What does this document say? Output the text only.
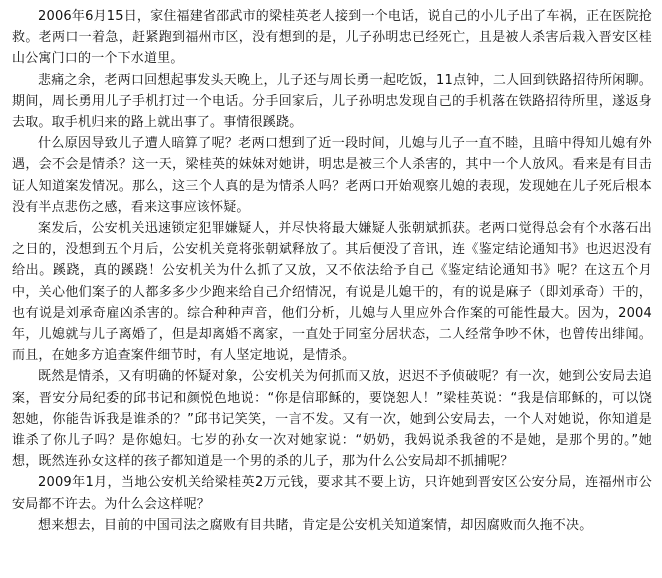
2006年6月15日，家住福建省邵武市的梁桂英老人接到一个电话，说自己的小儿子出了车祸，正在医院抢救。老两口一着急，赶紧跑到福州市区，没有想到的是，儿子孙明忠已经死亡，且是被人杀害后栽入晋安区桂山公寓门口的一个下水道里。

悲痛之余，老两口回想起事发头天晚上，儿子还与周长勇一起吃饭，11点钟，二人回到铁路招待所闲聊。期间，周长勇用儿子手机打过一个电话。分手回家后，儿子孙明忠发现自己的手机落在铁路招待所里，遂返身去取。取手机归来的路上就出事了。事情很蹊跷。

什么原因导致儿子遭人暗算了呢？老两口想到了近一段时间，儿媳与儿子一直不睦，且暗中得知儿媳有外遇，会不会是情杀？这一天，梁桂英的妹妹对她讲，明忠是被三个人杀害的，其中一个人放风。看来是有目击证人知道案发情况。那么，这三个人真的是为情杀人吗？老两口开始观察儿媳的表现，发现她在儿子死后根本没有半点悲伤之感，看来这事应该怀疑。

案发后，公安机关迅速锁定犯罪嫌疑人，并尽快将最大嫌疑人张朝斌抓获。老两口觉得总会有个水落石出之日的，没想到五个月后，公安机关竟将张朝斌释放了。其后便没了音讯，连《鉴定结论通知书》也迟迟没有给出。蹊跷，真的蹊跷！公安机关为什么抓了又放，又不依法给予自己《鉴定结论通知书》呢？在这五个月中，关心他们案子的人都多多少少跑来给自己介绍情况，有说是儿媳干的，有的说是麻子（即刘承奇）干的，也有说是刘承奇雇凶杀害的。综合种种声音，他们分析，儿媳与人里应外合作案的可能性最大。因为，2004年，儿媳就与儿子离婚了，但是却离婚不离家，一直处于同室分居状态，二人经常争吵不休，也曾传出绯闻。而且，在她多方追查案件细节时，有人坚定地说，是情杀。

既然是情杀，又有明确的怀疑对象，公安机关为何抓而又放，迟迟不予侦破呢？有一次，她到公安局去追案，晋安分局纪委的邱书记和颜悦色地说：“你是信耶稣的，要饶恕人！”梁桂英说：“我是信耶稣的，可以饶恕她，你能告诉我是谁杀的？”邱书记笑笑，一言不发。又有一次，她到公安局去，一个人对她说，你知道是谁杀了你儿子吗？是你媳妇。七岁的孙女一次对她家说：“奶奶，我妈说杀我爸的不是她，是那个男的。”她想，既然连孙女这样的孩子都知道是一个男的杀的儿子，那为什么公安局却不抓捕呢？

2009年1月，当地公安机关给梁桂英2万元钱，要求其不要上访，只许她到晋安区公安分局，连福州市公安局都不许去。为什么会这样呢？

想来想去，目前的中国司法之腐败有目共睹，肯定是公安机关知道案情，却因腐败而久拖不决。
